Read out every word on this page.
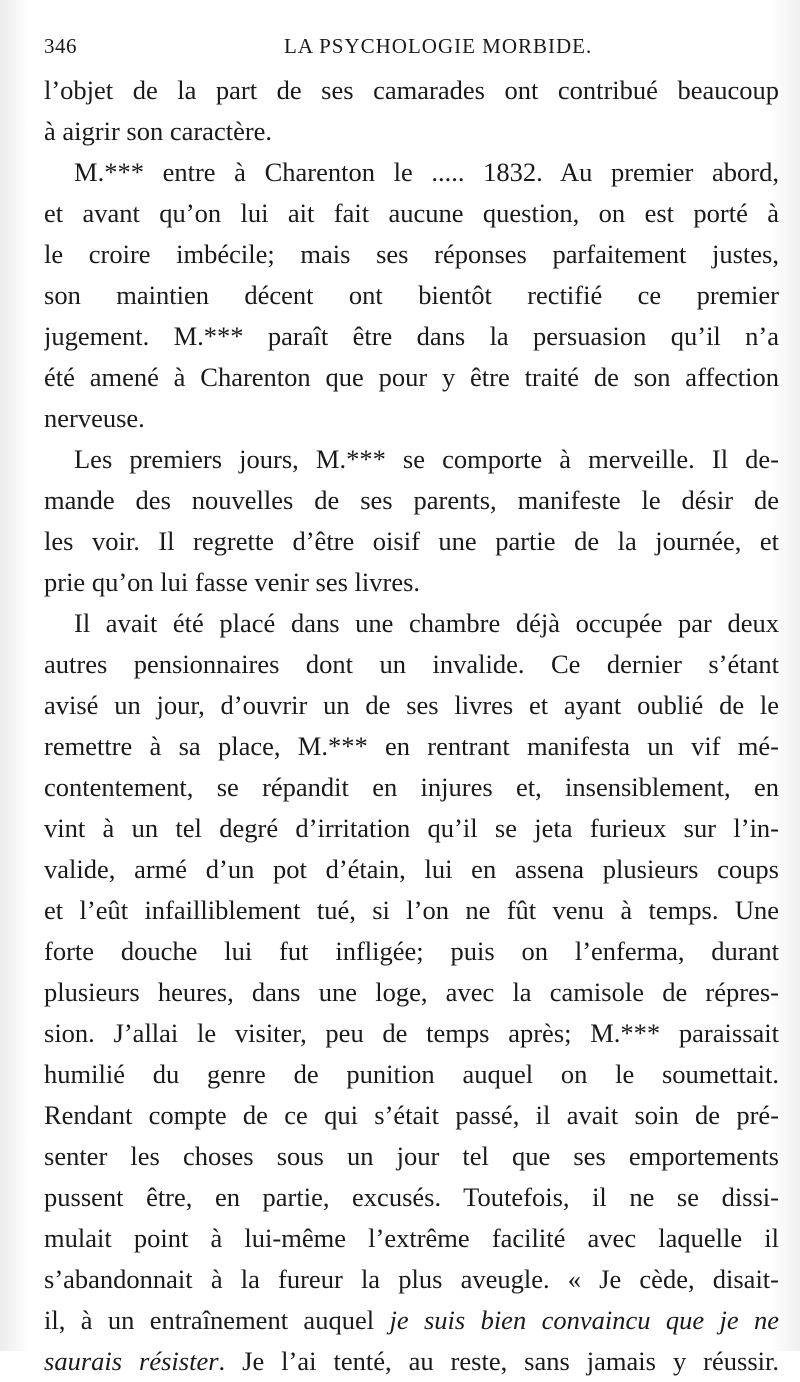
346	LA PSYCHOLOGIE MORBIDE.
l’objet de la part de ses camarades ont contribué beaucoup
à aigrir son caractère.
M.*** entre à Charenton le ..... 1832. Au premier abord,
et avant qu’on lui ait fait aucune question, on est porté à
le croire imbécile; mais ses réponses parfaitement justes,
son maintien décent ont bientôt rectifié ce premier
jugement. M.*** paraît être dans la persuasion qu’il n’a
été amené à Charenton que pour y être traité de son affection
nerveuse.
Les premiers jours, M.*** se comporte à merveille. Il de-
mande des nouvelles de ses parents, manifeste le désir de
les voir. Il regrette d’être oisif une partie de la journée, et
prie qu’on lui fasse venir ses livres.
Il avait été placé dans une chambre déjà occupée par deux
autres pensionnaires dont un invalide. Ce dernier s’étant
avisé un jour, d’ouvrir un de ses livres et ayant oublié de le
remettre à sa place, M.*** en rentrant manifesta un vif mé-
contentement, se répandit en injures et, insensiblement, en
vint à un tel degré d’irritation qu’il se jeta furieux sur l’in-
valide, armé d’un pot d’étain, lui en assena plusieurs coups
et l’eût infailliblement tué, si l’on ne fût venu à temps. Une
forte douche lui fut infligée; puis on l’enferma, durant
plusieurs heures, dans une loge, avec la camisole de répres-
sion. J’allai le visiter, peu de temps après; M.*** paraissait
humilié du genre de punition auquel on le soumettait.
Rendant compte de ce qui s’était passé, il avait soin de pré-
senter les choses sous un jour tel que ses emportements
pussent être, en partie, excusés. Toutefois, il ne se dissi-
mulait point à lui-même l’extrême facilité avec laquelle il
s’abandonnait à la fureur la plus aveugle. « Je cède, disait-
il, à un entraînement auquel je suis bien convaincu que je ne
saurais résister. Je l’ai tenté, au reste, sans jamais y réussir.
